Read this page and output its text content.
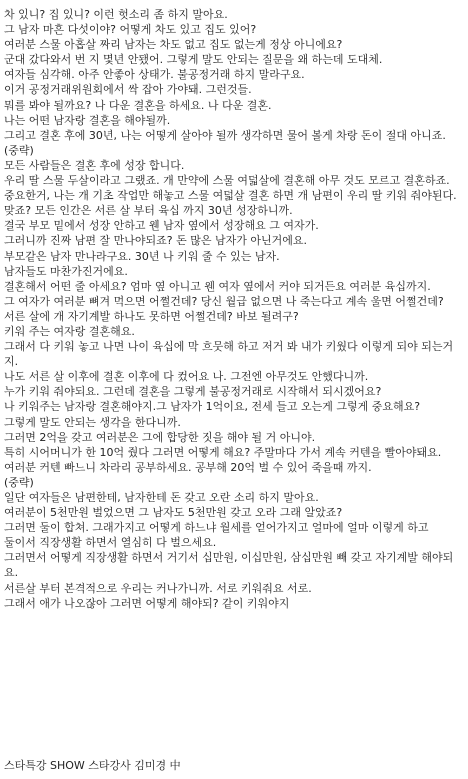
차 있니? 집 있니? 이런 헛소리 좀 하지 말아요.
그 남자 마흔 다섯이야? 어떻게 차도 있고 집도 있어?
여러분 스물 아홉살 짜리 남자는 차도 없고 집도 없는게 정상 아니에요?
군대 갔다와서 번 지 몇년 안됐어. 그렇게 말도 안되는 질문을 왜 하는데 도대체.
여자들 심각해. 아주 안좋아 상태가. 불공정거래 하지 말라구요.
이거 공정거래위원회에서 싹 잡아 가야돼. 그런것들.
뭐를 봐야 될까요? 나 다운 결혼을 하세요. 나 다운 결혼.
나는 어떤 남자랑 결혼을 해야될까.
그리고 결혼 후에 30년, 나는 어떻게 살아야 될까 생각하면 물어 볼게 차랑 돈이 절대 아니죠.
(중략)
모든 사람들은 결혼 후에 성장 합니다.
우리 딸 스물 두살이라고 그랬죠. 개 만약에 스물 여덟살에 결혼해 아무 것도 모르고 결혼하죠.
중요한거, 나는 개 기초 작업만 해놓고 스물 여덟살 결혼 하면 개 남편이 우리 딸 키워 줘야된다.
맞죠? 모든 인간은 서른 살 부터 육십 까지 30년 성장하니까.
결국 부모 밑에서 성장 안하고 웬 남자 옆에서 성장해요 그 여자가.
그러니까 진짜 남편 잘 만나야되죠? 돈 많은 남자가 아닌거에요.
부모같은 남자 만나라구요. 30년 나 키워 줄 수 있는 남자.
남자들도 마찬가진거에요.
결혼해서 어떤 줄 아세요? 엄마 옆 아니고 웬 여자 옆에서 커야 되거든요 여러분 육십까지.
그 여자가 여러분 뼈겨 먹으면 어쩔건데? 당신 월급 없으면 나 죽는다고 계속 울면 어쩔건데?
서른 살에 개 자기계발 하나도 못하면 어쩔건데? 바보 될려구?
키워 주는 여자랑 결혼해요.
그래서 다 키워 놓고 나면 나이 육십에 막 흐뭇해 하고 저거 봐 내가 키웠다 이렇게 되야 되는거
지.
나도 서른 살 이후에 결혼 이후에 다 컸어요 나. 그전엔 아무것도 안했다니까.
누가 키워 줘야되요. 그런데 결혼을 그렇게 불공정거래로 시작해서 되시겠어요?
나 키워주는 남자랑 결혼해야지.그 남자가 1억이요, 전세 들고 오는게 그렇게 중요해요?
그렇게 말도 안되는 생각을 한다니까.
그러면 2억을 갖고 여러분은 그에 합당한 짓을 해야 될 거 아니야.
특히 시어머니가 한 10억 줬다 그러면 어떻게 해요? 주말마다 가서 계속 커텐을 빨아야돼요.
여러분 커텐 빠느니 차라리 공부하세요. 공부해 20억 벌 수 있어 죽을때 까지.
(중략)
일단 여자들은 남편한테, 남자한테 돈 갖고 오란 소리 하지 말아요.
여러분이 5천만원 벌었으면 그 남자도 5천만원 갖고 오라 그래 알았죠?
그러면 둘이 합쳐. 그래가지고 어떻게 하느냐 월세를 얻어가지고 얼마에 얼마 이렇게 하고
둘이서 직장생활 하면서 열심히 다 벌으세요.
그러면서 어떻게 직장생활 하면서 거기서 십만원, 이십만원, 삼십만원 빼 갖고 자기계발 해야되
요.
서른살 부터 본격적으로 우리는 커나가니까. 서로 키워줘요 서로.
그래서 애가 나오잖아 그러면 어떻게 해야되? 같이 키워야지
스타특강 SHOW 스타강사 김미경 中
